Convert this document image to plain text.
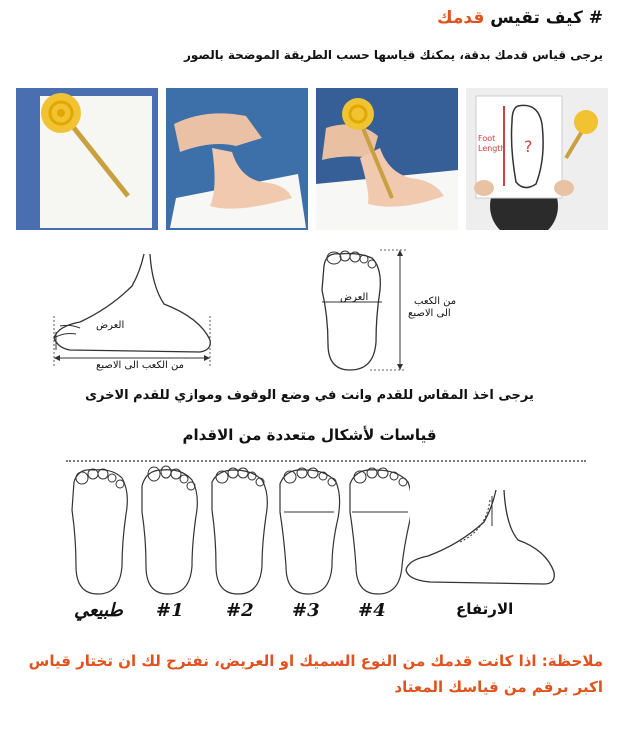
# كيف تقيس قدمك
يرجى قياس قدمك بدقة، يمكنك قياسها حسب الطريقة الموضحة بالصور
?
Foot
Length
العرض
من الكعب الى الاصبع
العرض	من الكعب
الى الاصبع
يرجى اخذ المقاس للقدم وانت في وضع الوقوف وموازي للقدم الاخرى
قياسات لأشكال متعددة من الاقدام
طبيعي #1 #2 #3 #4	الارتفاع
ملاحظة: اذا كانت قدمك من النوع السميك او العريض، نفترح لك ان تختار قياس اكبر برقم من قياسك المعتاد
